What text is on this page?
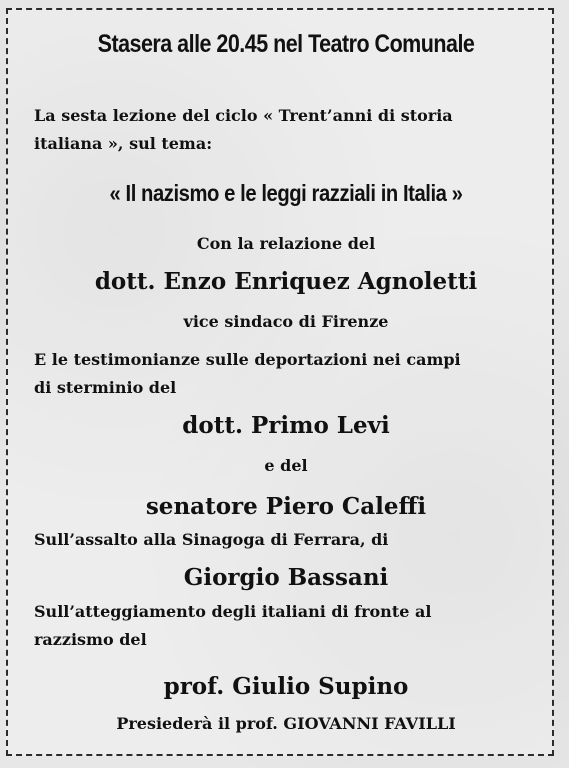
Stasera alle 20.45 nel Teatro Comunale
La sesta lezione del ciclo « Trent’anni di storia
italiana », sul tema:
« Il nazismo e le leggi razziali in Italia »
Con la relazione del
dott. Enzo Enriquez Agnoletti
vice sindaco di Firenze
E le testimonianze sulle deportazioni nei campi
di sterminio del
dott. Primo Levi
e del
senatore Piero Caleffi
Sull’assalto alla Sinagoga di Ferrara, di
Giorgio Bassani
Sull’atteggiamento degli italiani di fronte al
razzismo del
prof. Giulio Supino
Presiederà il prof. GIOVANNI FAVILLI
